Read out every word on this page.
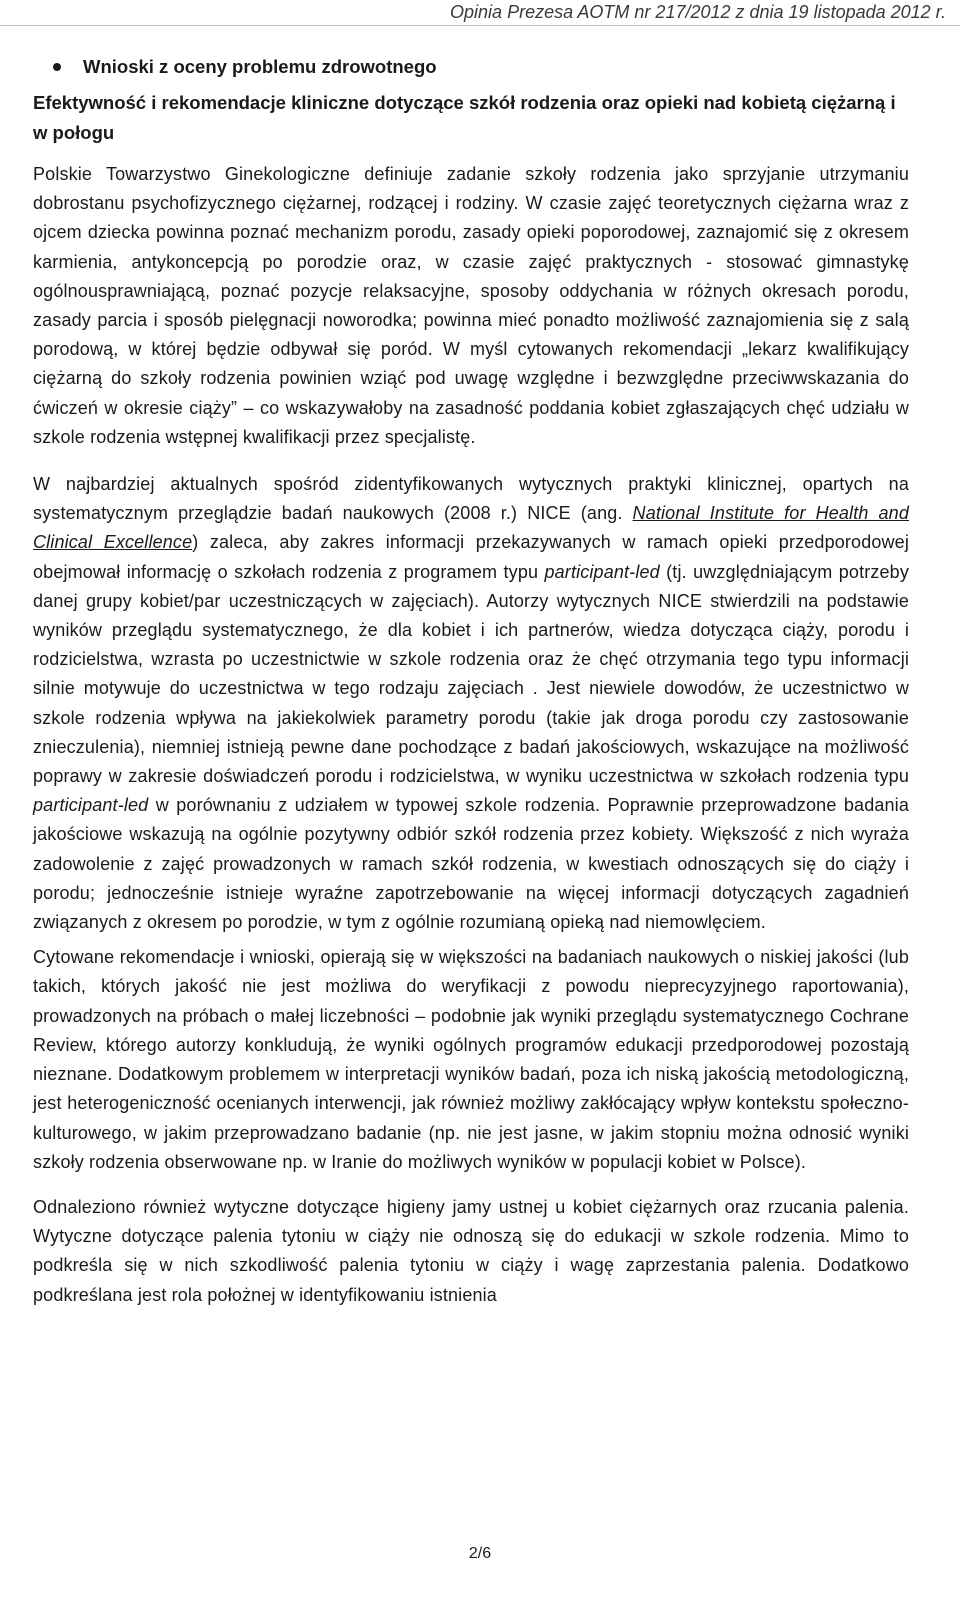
Opinia Prezesa AOTM nr 217/2012 z dnia 19 listopada 2012 r.
Wnioski z oceny problemu zdrowotnego
Efektywność i rekomendacje kliniczne dotyczące szkół rodzenia oraz opieki nad kobietą ciężarną i w połogu

Polskie Towarzystwo Ginekologiczne definiuje zadanie szkoły rodzenia jako sprzyjanie utrzymaniu dobrostanu psychofizycznego ciężarnej, rodzącej i rodziny. W czasie zajęć teoretycznych ciężarna wraz z ojcem dziecka powinna poznać mechanizm porodu, zasady opieki poporodowej, zaznajomić się z okresem karmienia, antykoncepcją po porodzie oraz, w czasie zajęć praktycznych - stosować gimnastykę ogólnousprawniającą, poznać pozycje relaksacyjne, sposoby oddychania w różnych okresach porodu, zasady parcia i sposób pielęgnacji noworodka; powinna mieć ponadto możliwość zaznajomienia się z salą porodową, w której będzie odbywał się poród. W myśl cytowanych rekomendacji „lekarz kwalifikujący ciężarną do szkoły rodzenia powinien wziąć pod uwagę względne i bezwzględne przeciwwskazania do ćwiczeń w okresie ciąży” – co wskazywałoby na zasadność poddania kobiet zgłaszających chęć udziału w szkole rodzenia wstępnej kwalifikacji przez specjalistę.

W najbardziej aktualnych spośród zidentyfikowanych wytycznych praktyki klinicznej, opartych na systematycznym przeglądzie badań naukowych (2008 r.) NICE (ang. National Institute for Health and Clinical Excellence) zaleca, aby zakres informacji przekazywanych w ramach opieki przedporodowej obejmował informację o szkołach rodzenia z programem typu participant-led (tj. uwzględniającym potrzeby danej grupy kobiet/par uczestniczących w zajęciach). Autorzy wytycznych NICE stwierdzili na podstawie wyników przeglądu systematycznego, że dla kobiet i ich partnerów, wiedza dotycząca ciąży, porodu i rodzicielstwa, wzrasta po uczestnictwie w szkole rodzenia oraz że chęć otrzymania tego typu informacji silnie motywuje do uczestnictwa w tego rodzaju zajęciach . Jest niewiele dowodów, że uczestnictwo w szkole rodzenia wpływa na jakiekolwiek parametry porodu (takie jak droga porodu czy zastosowanie znieczulenia), niemniej istnieją pewne dane pochodzące z badań jakościowych, wskazujące na możliwość poprawy w zakresie doświadczeń porodu i rodzicielstwa, w wyniku uczestnictwa w szkołach rodzenia typu participant-led w porównaniu z udziałem w typowej szkole rodzenia. Poprawnie przeprowadzone badania jakościowe wskazują na ogólnie pozytywny odbiór szkół rodzenia przez kobiety. Większość z nich wyraża zadowolenie z zajęć prowadzonych w ramach szkół rodzenia, w kwestiach odnoszących się do ciąży i porodu; jednocześnie istnieje wyraźne zapotrzebowanie na więcej informacji dotyczących zagadnień związanych z okresem po porodzie, w tym z ogólnie rozumianą opieką nad niemowlęciem.

Cytowane rekomendacje i wnioski, opierają się w większości na badaniach naukowych o niskiej jakości (lub takich, których jakość nie jest możliwa do weryfikacji z powodu nieprecyzyjnego raportowania), prowadzonych na próbach o małej liczebności – podobnie jak wyniki przeglądu systematycznego Cochrane Review, którego autorzy konkludują, że wyniki ogólnych programów edukacji przedporodowej pozostają nieznane. Dodatkowym problemem w interpretacji wyników badań, poza ich niską jakością metodologiczną, jest heterogeniczność ocenianych interwencji, jak również możliwy zakłócający wpływ kontekstu społeczno-kulturowego, w jakim przeprowadzano badanie (np. nie jest jasne, w jakim stopniu można odnosić wyniki szkoły rodzenia obserwowane np. w Iranie do możliwych wyników w populacji kobiet w Polsce).

Odnaleziono również wytyczne dotyczące higieny jamy ustnej u kobiet ciężarnych oraz rzucania palenia. Wytyczne dotyczące palenia tytoniu w ciąży nie odnoszą się do edukacji w szkole rodzenia. Mimo to podkreśla się w nich szkodliwość palenia tytoniu w ciąży i wagę zaprzestania palenia. Dodatkowo podkreślana jest rola położnej w identyfikowaniu istnienia

2/6
